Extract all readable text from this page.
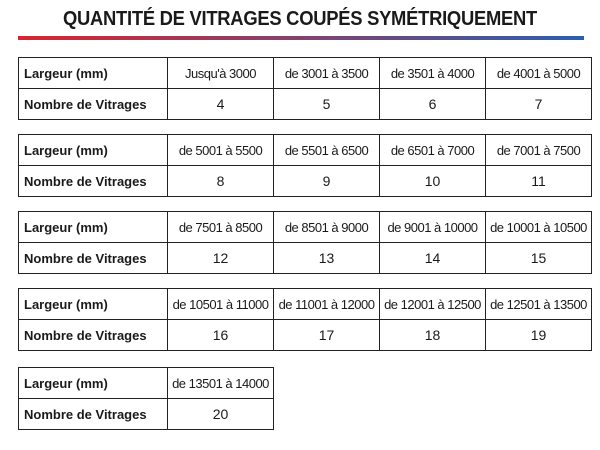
QUANTITÉ DE VITRAGES COUPÉS SYMÉTRIQUEMENT
Largeur (mm)	Jusqu'à 3000	de 3001 à 3500	de 3501 à 4000	de 4001 à 5000
Nombre de Vitrages	4	5	6	7
Largeur (mm)	de 5001 à 5500	de 5501 à 6500	de 6501 à 7000	de 7001 à 7500
Nombre de Vitrages	8	9	10	11
Largeur (mm)	de 7501 à 8500	de 8501 à 9000	de 9001 à 10000	de 10001 à 10500
Nombre de Vitrages	12	13	14	15
Largeur (mm)	de 10501 à 11000	de 11001 à 12000	de 12001 à 12500	de 12501 à 13500
Nombre de Vitrages	16	17	18	19
Largeur (mm)	de 13501 à 14000
Nombre de Vitrages	20
